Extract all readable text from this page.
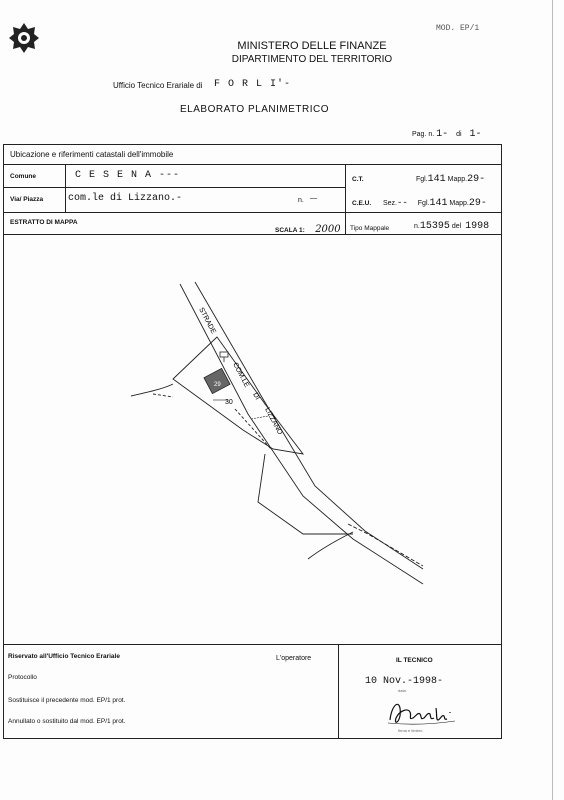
MOD. EP/1
MINISTERO DELLE FINANZE
DIPARTIMENTO DEL TERRITORIO
Ufficio Tecnico Erariale di F O R L I'-
ELABORATO PLANIMETRICO
Pag. n. 1- di 1-
Ubicazione e riferimenti catastali dell'immobile
Comune	C E S E N A ---
Via/ Piazza com.le di Lizzano.-	n. —
C.T.	Fgl.141 Mapp.29-
C.E.U. Sez.-- Fgl.141 Mapp.29-
ESTRATTO DI MAPPA
SCALA 1: 2000 Tipo Mappale	n.15395 del 1998
STRADE
COM.LE
DI
LIZZANO
29
30
Riservato all'Ufficio Tecnico Erariale	L'operatore	IL TECNICO
Protocollo
Sostituisce il precedente mod. EP/1 prot.
Annullato o sostituito dal mod. EP/1 prot.
10 Nov.-1998-
data
firma e timbro
